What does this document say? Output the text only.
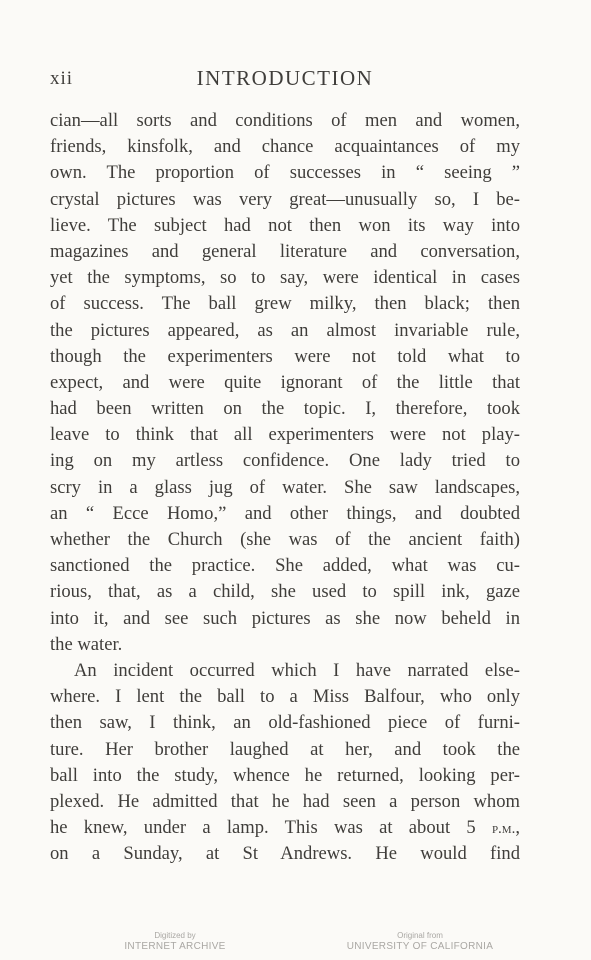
xii	INTRODUCTION
cian—all sorts and conditions of men and women,
friends, kinsfolk, and chance acquaintances of my
own. The proportion of successes in “ seeing ”
crystal pictures was very great—unusually so, I be-
lieve. The subject had not then won its way into
magazines and general literature and conversation,
yet the symptoms, so to say, were identical in cases
of success. The ball grew milky, then black; then
the pictures appeared, as an almost invariable rule,
though the experimenters were not told what to
expect, and were quite ignorant of the little that
had been written on the topic. I, therefore, took
leave to think that all experimenters were not play-
ing on my artless confidence. One lady tried to
scry in a glass jug of water. She saw landscapes,
an “ Ecce Homo,” and other things, and doubted
whether the Church (she was of the ancient faith)
sanctioned the practice. She added, what was cu-
rious, that, as a child, she used to spill ink, gaze
into it, and see such pictures as she now beheld in
the water.
An incident occurred which I have narrated else-
where. I lent the ball to a Miss Balfour, who only
then saw, I think, an old-fashioned piece of furni-
ture. Her brother laughed at her, and took the
ball into the study, whence he returned, looking per-
plexed. He admitted that he had seen a person whom
he knew, under a lamp. This was at about 5 p.m.,
on a Sunday, at St Andrews. He would find
Digitized by
INTERNET ARCHIVE
Original from
UNIVERSITY OF CALIFORNIA
